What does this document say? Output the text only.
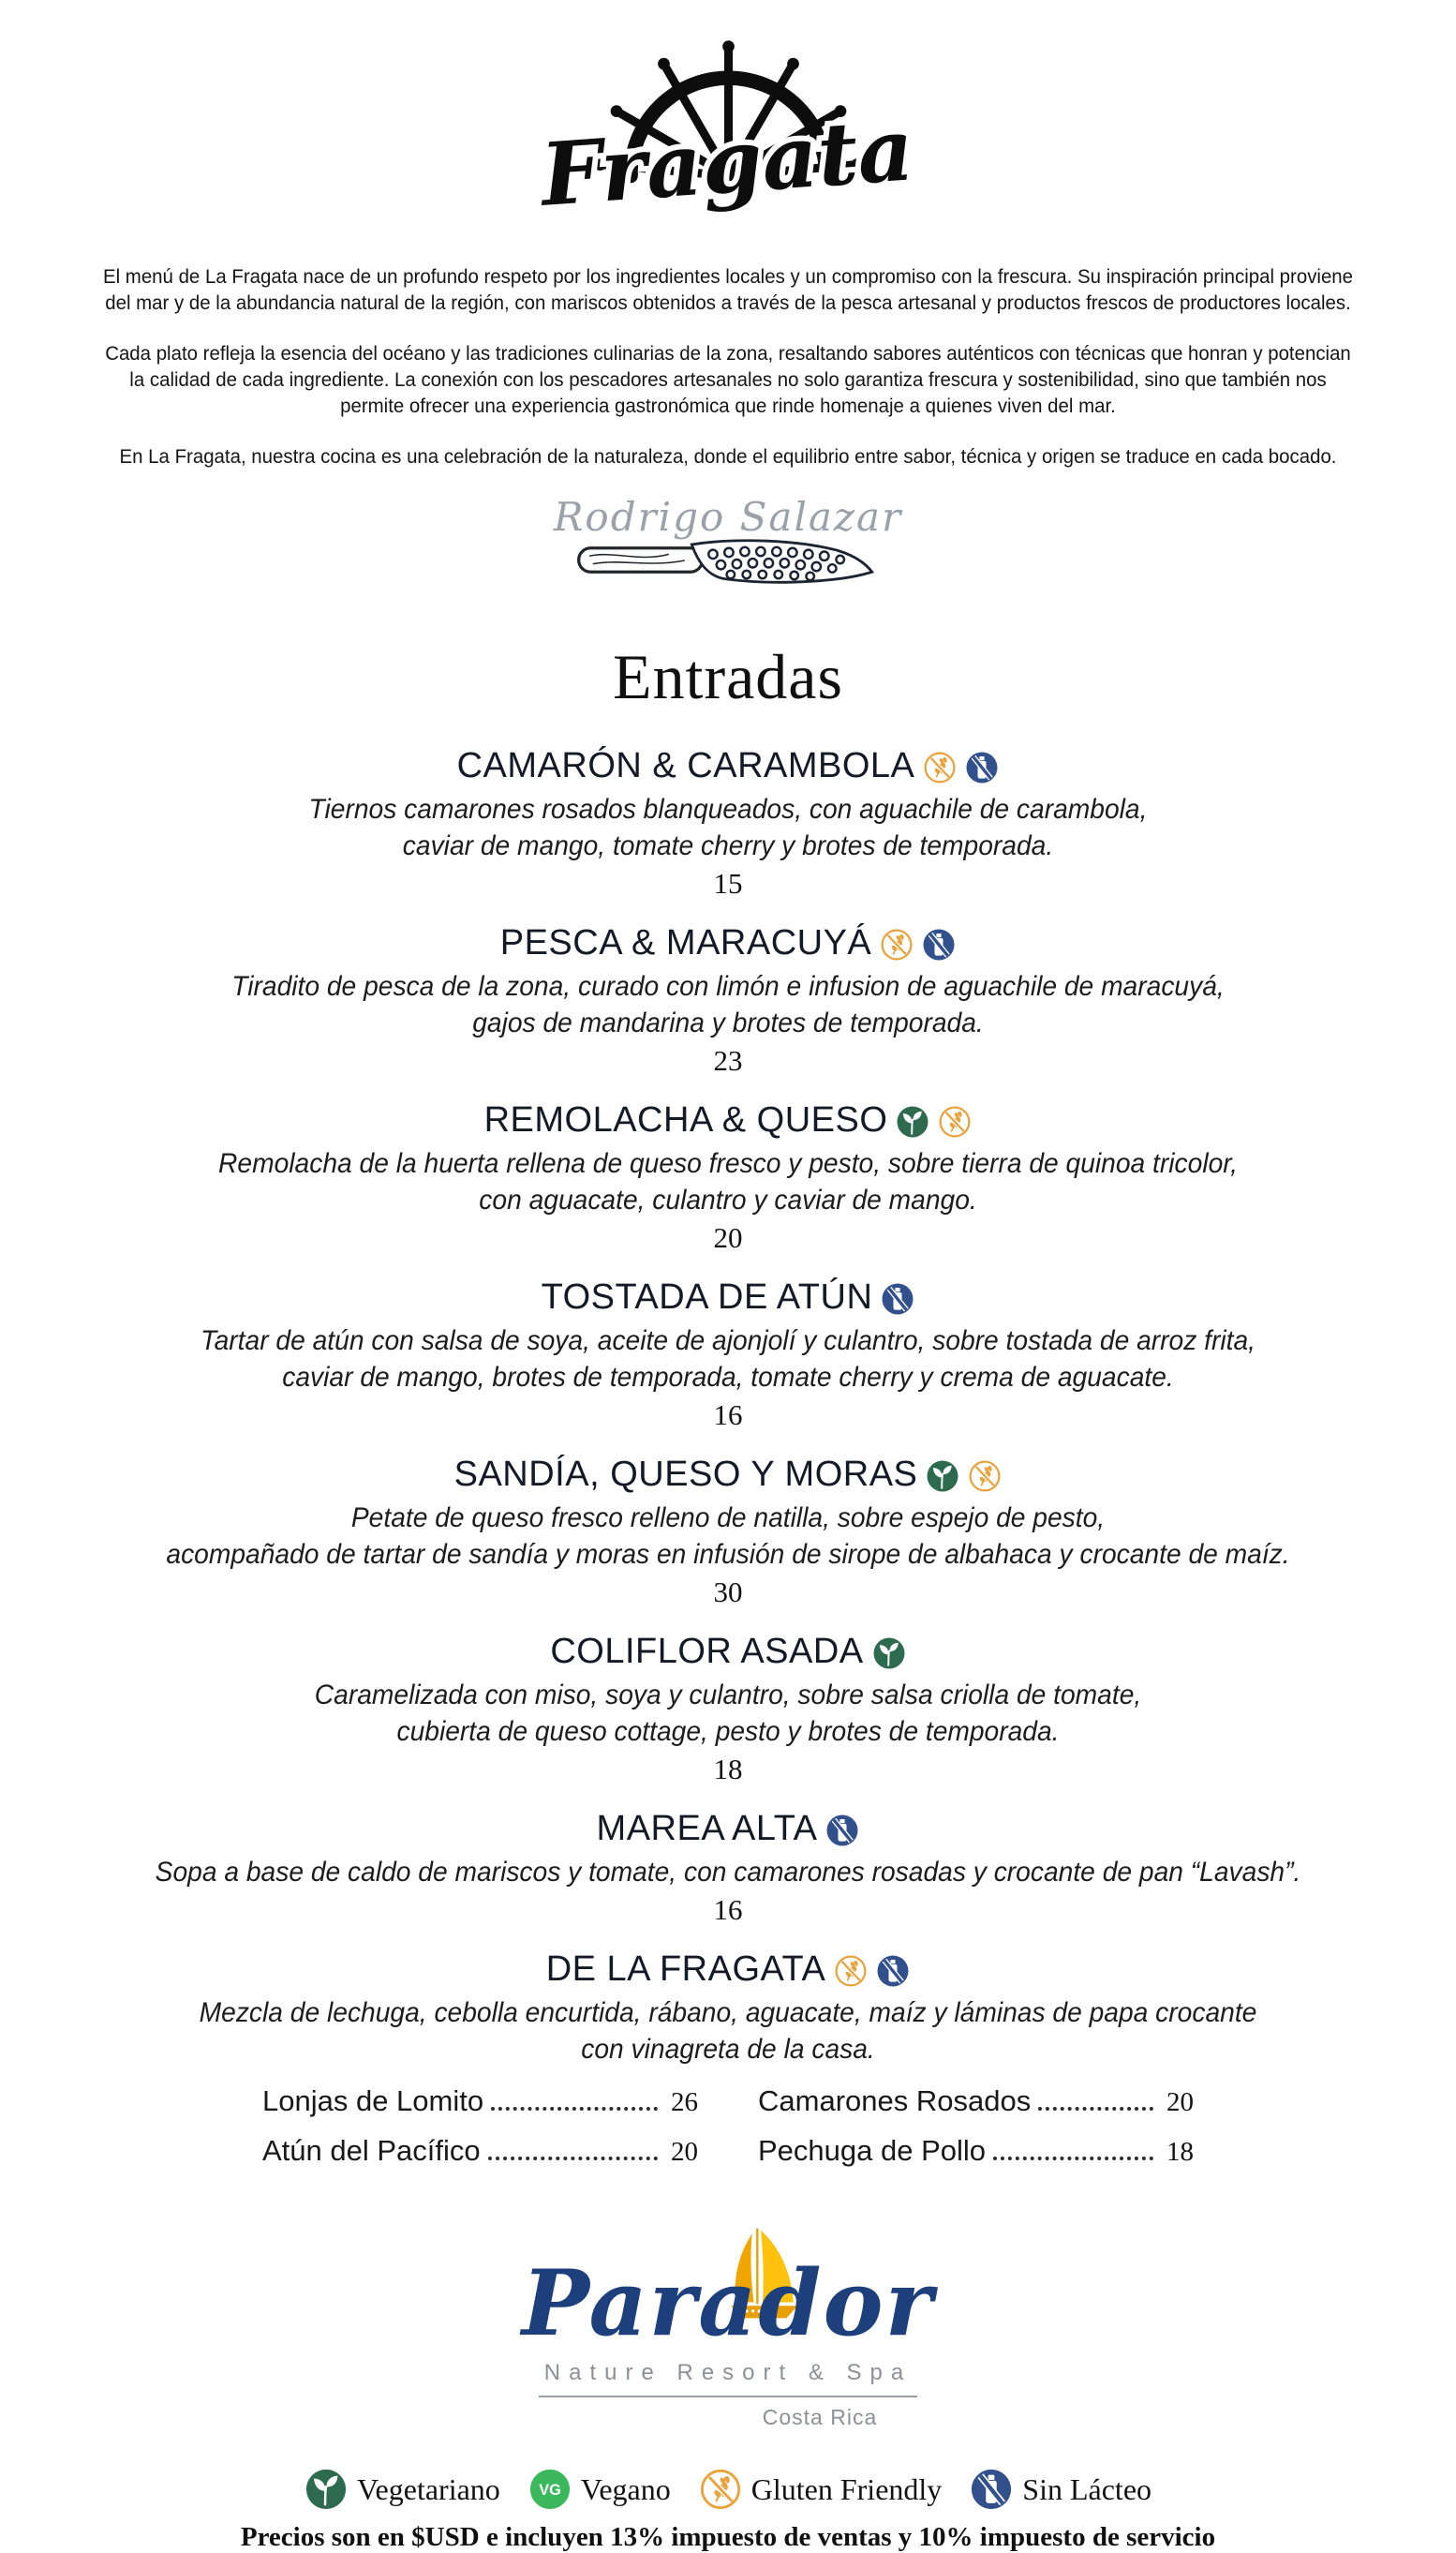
Fragata
El menú de La Fragata nace de un profundo respeto por los ingredientes locales y un compromiso con la frescura. Su inspiración principal proviene
del mar y de la abundancia natural de la región, con mariscos obtenidos a través de la pesca artesanal y productos frescos de productores locales.
Cada plato refleja la esencia del océano y las tradiciones culinarias de la zona, resaltando sabores auténticos con técnicas que honran y potencian
la calidad de cada ingrediente. La conexión con los pescadores artesanales no solo garantiza frescura y sostenibilidad, sino que también nos
permite ofrecer una experiencia gastronómica que rinde homenaje a quienes viven del mar.
En La Fragata, nuestra cocina es una celebración de la naturaleza, donde el equilibrio entre sabor, técnica y origen se traduce en cada bocado.
Rodrigo Salazar
Entradas
CAMARÓN & CARAMBOLA
Tiernos camarones rosados blanqueados, con aguachile de carambola,
caviar de mango, tomate cherry y brotes de temporada.
15
PESCA & MARACUYÁ
Tiradito de pesca de la zona, curado con limón e infusion de aguachile de maracuyá,
gajos de mandarina y brotes de temporada.
23
REMOLACHA & QUESO
Remolacha de la huerta rellena de queso fresco y pesto, sobre tierra de quinoa tricolor,
con aguacate, culantro y caviar de mango.
20
TOSTADA DE ATÚN
Tartar de atún con salsa de soya, aceite de ajonjolí y culantro, sobre tostada de arroz frita,
caviar de mango, brotes de temporada, tomate cherry y crema de aguacate.
16
SANDÍA, QUESO Y MORAS
Petate de queso fresco relleno de natilla, sobre espejo de pesto,
acompañado de tartar de sandía y moras en infusión de sirope de albahaca y crocante de maíz.
30
COLIFLOR ASADA
Caramelizada con miso, soya y culantro, sobre salsa criolla de tomate,
cubierta de queso cottage, pesto y brotes de temporada.
18
MAREA ALTA
Sopa a base de caldo de mariscos y tomate, con camarones rosadas y crocante de pan “Lavash”.
16
DE LA FRAGATA
Mezcla de lechuga, cebolla encurtida, rábano, aguacate, maíz y láminas de papa crocante
con vinagreta de la casa.
Lonjas de Lomito	26 Camarones Rosados	20
Atún del Pacífico	20 Pechuga de Pollo	18
Parador
Nature Resort & Spa
Costa Rica
Vegetariano	Vegano	Gluten Friendly	Sin Lácteo
Precios son en $USD e incluyen 13% impuesto de ventas y 10% impuesto de servicio
